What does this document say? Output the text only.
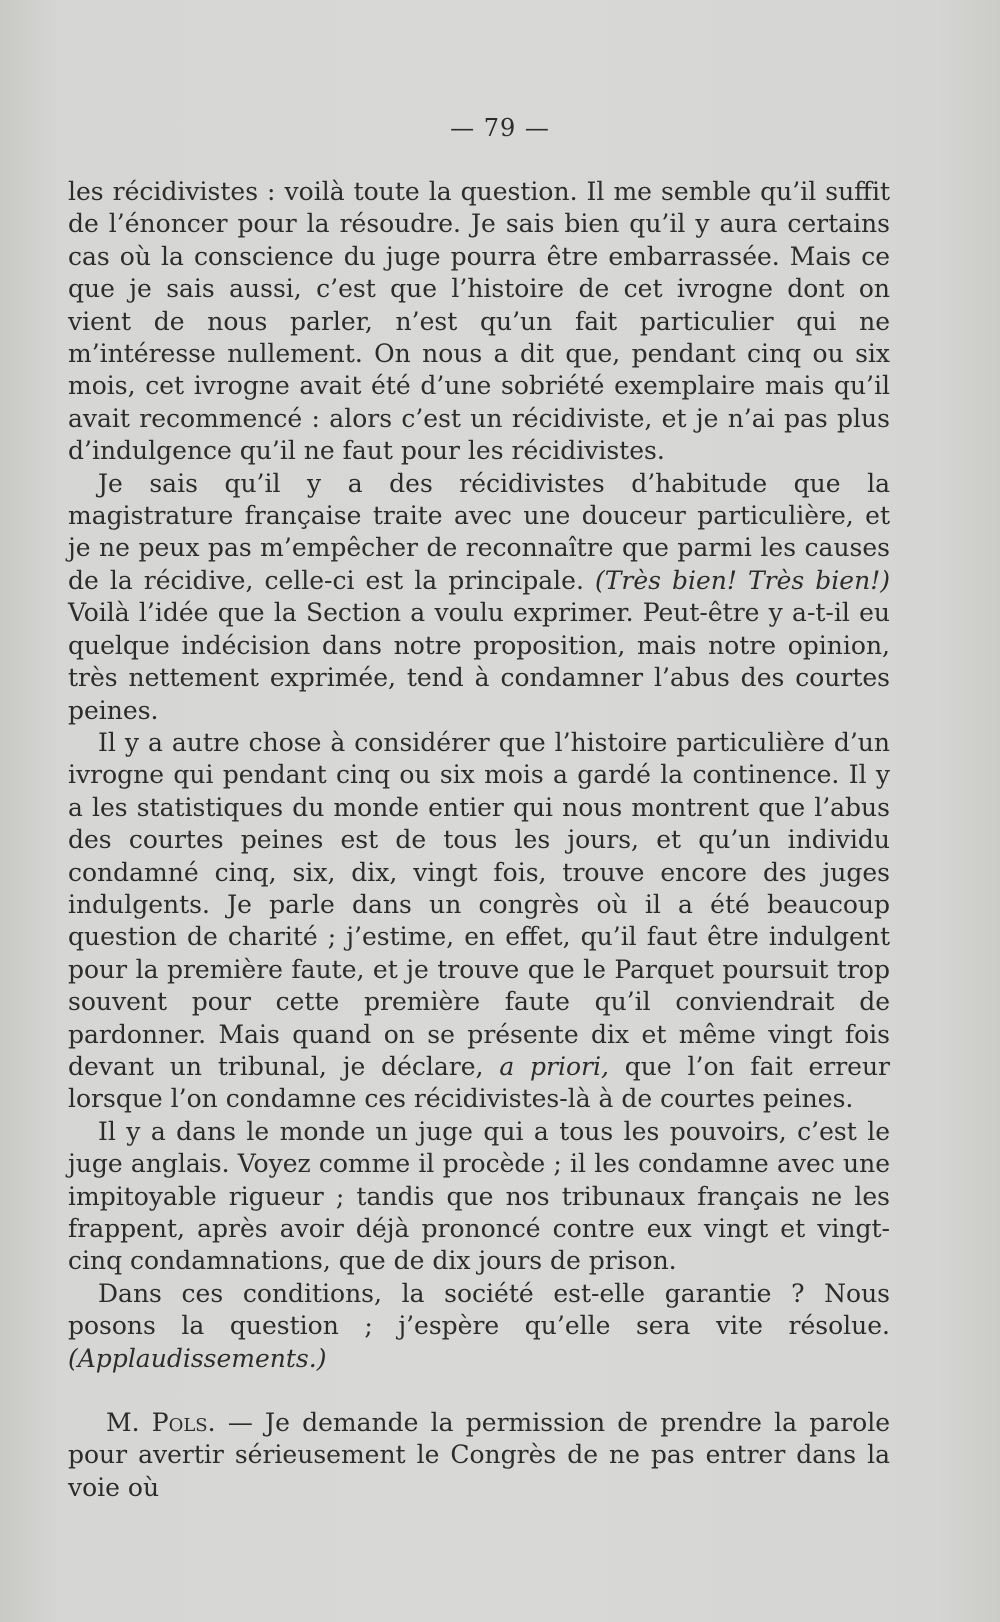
— 79 —

les récidivistes : voilà toute la question. Il me semble qu’il suffit de l’énoncer pour la résoudre. Je sais bien qu’il y aura certains cas où la conscience du juge pourra être embarrassée. Mais ce que je sais aussi, c’est que l’histoire de cet ivrogne dont on vient de nous parler, n’est qu’un fait particulier qui ne m’intéresse nullement. On nous a dit que, pendant cinq ou six mois, cet ivrogne avait été d’une sobriété exemplaire mais qu’il avait recommencé : alors c’est un récidiviste, et je n’ai pas plus d’indulgence qu’il ne faut pour les récidivistes.

Je sais qu’il y a des récidivistes d’habitude que la magistrature française traite avec une douceur particulière, et je ne peux pas m’empêcher de reconnaître que parmi les causes de la récidive, celle-ci est la principale. (Très bien! Très bien!) Voilà l’idée que la Section a voulu exprimer. Peut-être y a-t-il eu quelque indécision dans notre proposition, mais notre opinion, très nettement exprimée, tend à condamner l’abus des courtes peines.

Il y a autre chose à considérer que l’histoire particulière d’un ivrogne qui pendant cinq ou six mois a gardé la continence. Il y a les statistiques du monde entier qui nous montrent que l’abus des courtes peines est de tous les jours, et qu’un individu condamné cinq, six, dix, vingt fois, trouve encore des juges indulgents. Je parle dans un congrès où il a été beaucoup question de charité ; j’estime, en effet, qu’il faut être indulgent pour la première faute, et je trouve que le Parquet poursuit trop souvent pour cette première faute qu’il conviendrait de pardonner. Mais quand on se présente dix et même vingt fois devant un tribunal, je déclare, a priori, que l’on fait erreur lorsque l’on condamne ces récidivistes-là à de courtes peines.

Il y a dans le monde un juge qui a tous les pouvoirs, c’est le juge anglais. Voyez comme il procède ; il les condamne avec une impitoyable rigueur ; tandis que nos tribunaux français ne les frappent, après avoir déjà prononcé contre eux vingt et vingt-cinq condamnations, que de dix jours de prison.

Dans ces conditions, la société est-elle garantie ? Nous posons la question ; j’espère qu’elle sera vite résolue. (Applaudissements.)

M. Pols. — Je demande la permission de prendre la parole pour avertir sérieusement le Congrès de ne pas entrer dans la voie où
